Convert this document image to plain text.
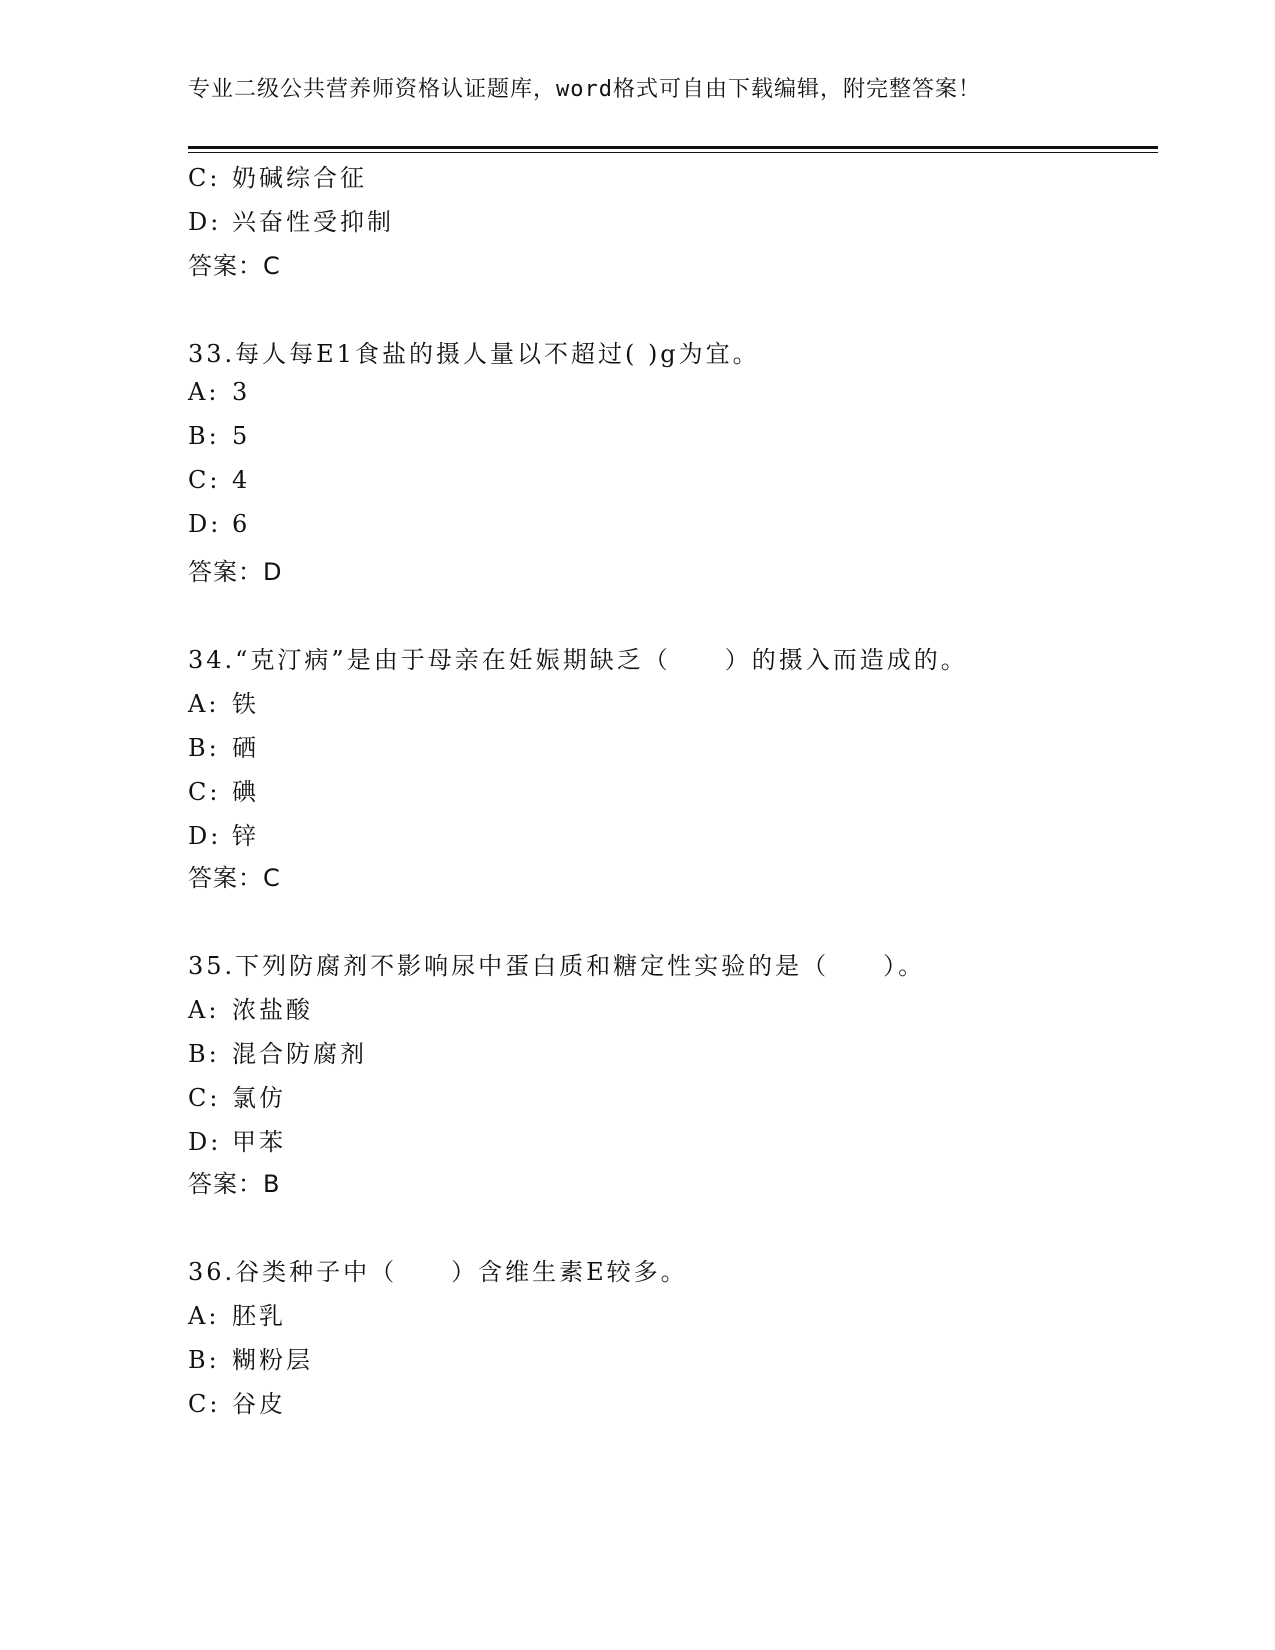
专业二级公共营养师资格认证题库，word格式可自由下载编辑，附完整答案！
C: 奶碱综合征
D: 兴奋性受抑制
答案：C
33.每人每E1食盐的摄人量以不超过( )g为宜。
A: 3
B: 5
C: 4
D: 6
答案：D
34.“克汀病”是由于母亲在妊娠期缺乏（　　）的摄入而造成的。
A: 铁
B: 硒
C: 碘
D: 锌
答案：C
35.下列防腐剂不影响尿中蛋白质和糖定性实验的是（　　）。
A: 浓盐酸
B: 混合防腐剂
C: 氯仿
D: 甲苯
答案：B
36.谷类种子中（　　）含维生素E较多。
A: 胚乳
B: 糊粉层
C: 谷皮
